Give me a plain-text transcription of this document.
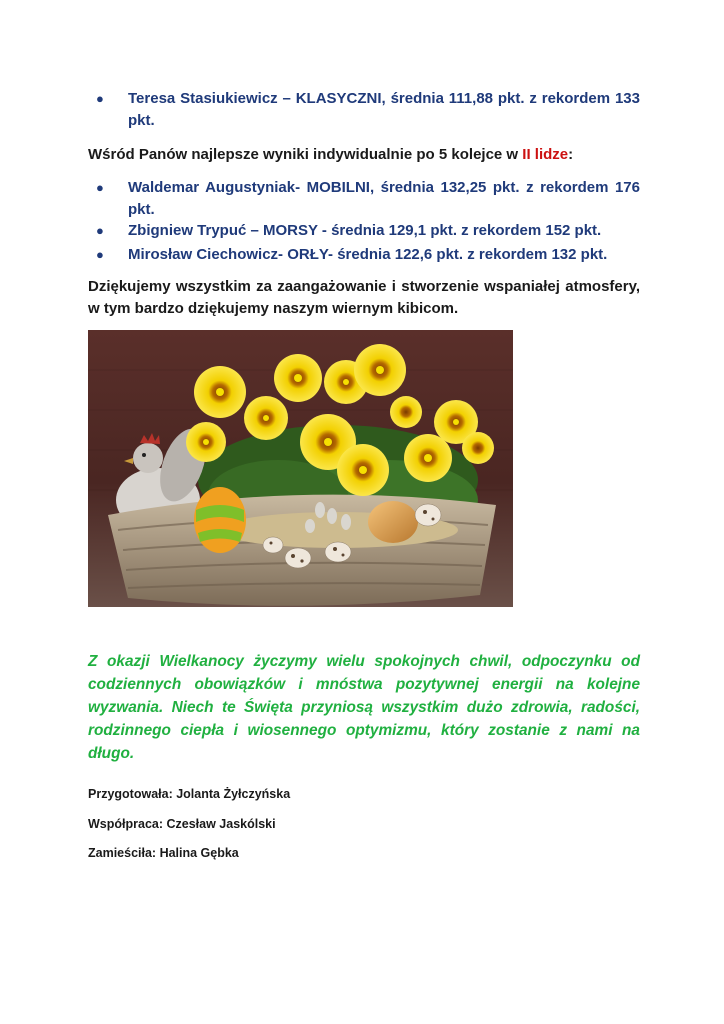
●	Teresa Stasiukiewicz – KLASYCZNI, średnia 111,88 pkt. z rekordem 133 pkt.
Wśród Panów najlepsze wyniki indywidualnie po 5 kolejce w II lidze:
●	Waldemar Augustyniak- MOBILNI, średnia 132,25 pkt. z rekordem 176 pkt.
●	Zbigniew Trypuć – MORSY - średnia 129,1 pkt. z rekordem 152 pkt.
●	Mirosław Ciechowicz- ORŁY- średnia 122,6 pkt. z rekordem 132 pkt.
Dziękujemy wszystkim za zaangażowanie i stworzenie wspaniałej atmosfery, w tym bardzo dziękujemy naszym wiernym kibicom.
Z okazji Wielkanocy życzymy wielu spokojnych chwil, odpoczynku od codziennych obowiązków i mnóstwa pozytywnej energii na kolejne wyzwania. Niech te Święta przyniosą wszystkim dużo zdrowia, radości, rodzinnego ciepła i wiosennego optymizmu, który zostanie z nami na długo.
Przygotowała: Jolanta Żyłczyńska
Współpraca: Czesław Jaskólski
Zamieściła: Halina Gębka
